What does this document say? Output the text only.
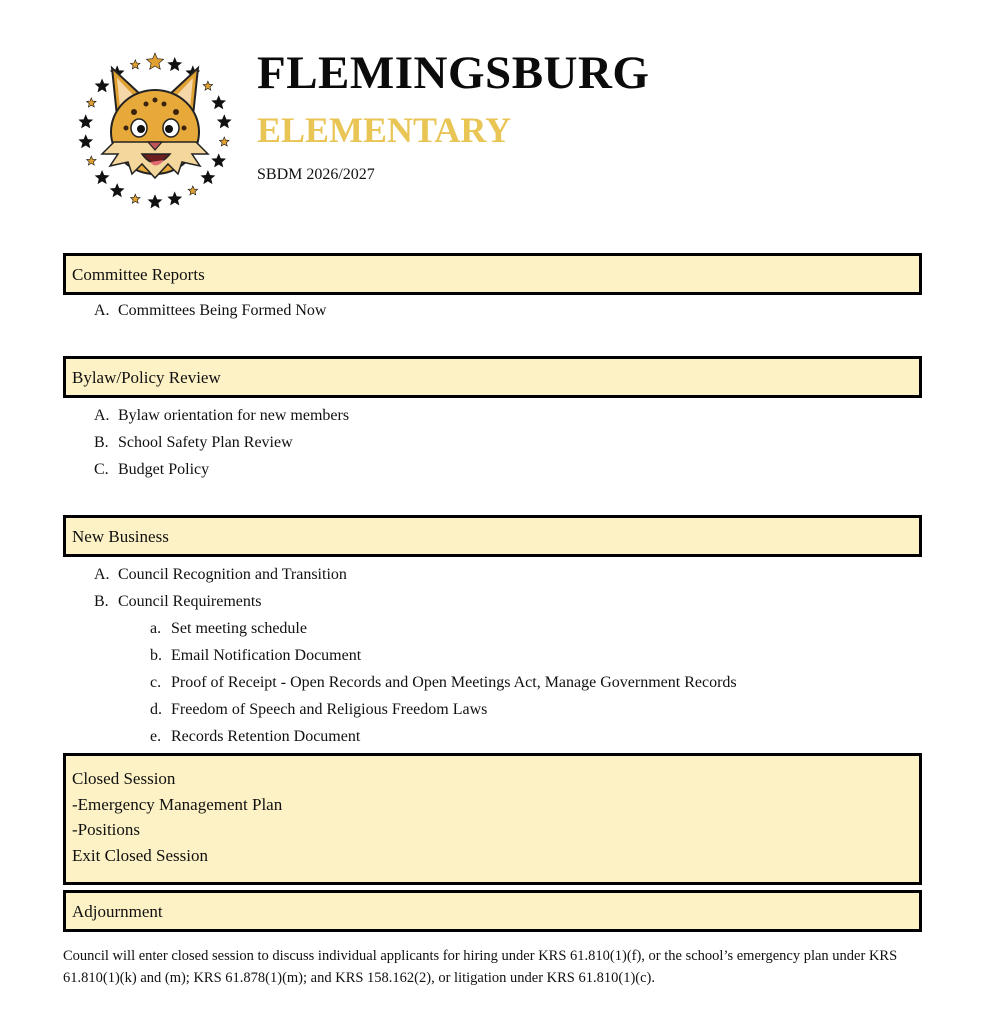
FLEMINGSBURG
ELEMENTARY

SBDM 2026/2027

Committee Reports
A. Committees Being Formed Now
Bylaw/Policy Review
A. Bylaw orientation for new members
B. School Safety Plan Review
C. Budget Policy
New Business
A. Council Recognition and Transition
B. Council Requirements
a. Set meeting schedule
b. Email Notification Document
c. Proof of Receipt - Open Records and Open Meetings Act, Manage Government Records
d. Freedom of Speech and Religious Freedom Laws
e. Records Retention Document
Closed Session
-Emergency Management Plan
-Positions
Exit Closed Session
Adjournment

Council will enter closed session to discuss individual applicants for hiring under KRS 61.810(1)(f), or the school’s emergency plan under KRS 61.810(1)(k) and (m); KRS 61.878(1)(m); and KRS 158.162(2), or litigation under KRS 61.810(1)(c).
